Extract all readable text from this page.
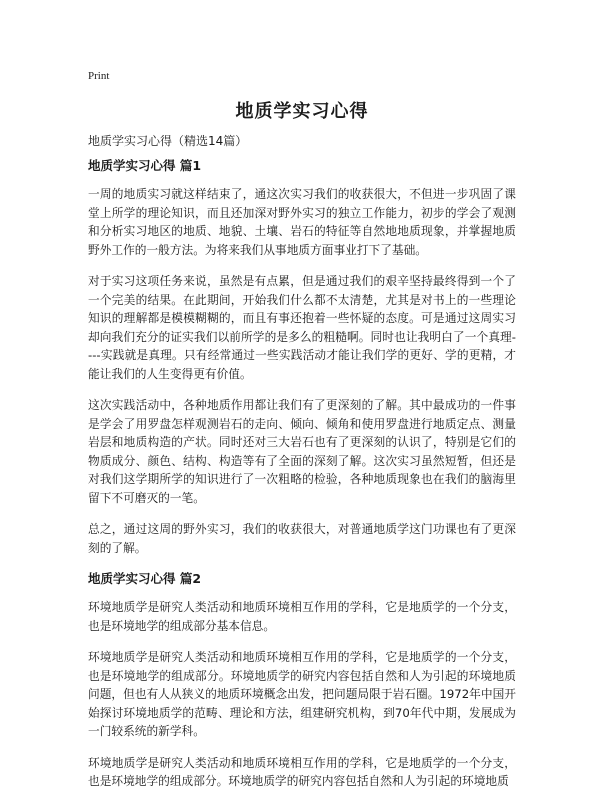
Print
地质学实习心得
地质学实习心得（精选14篇）
地质学实习心得 篇1

一周的地质实习就这样结束了，通这次实习我们的收获很大，不但进一步巩固了课堂上所学的理论知识，而且还加深对野外实习的独立工作能力，初步的学会了观测和分析实习地区的地质、地貌、土壤、岩石的特征等自然地地质现象，并掌握地质野外工作的一般方法。为将来我们从事地质方面事业打下了基础。

对于实习这项任务来说，虽然是有点累，但是通过我们的艰辛坚持最终得到一个了一个完美的结果。在此期间，开始我们什么都不太清楚，尤其是对书上的一些理论知识的理解都是模模糊糊的，而且有事还抱着一些怀疑的态度。可是通过这周实习却向我们充分的证实我们以前所学的是多么的粗糙啊。同时也让我明白了一个真理----实践就是真理。只有经常通过一些实践活动才能让我们学的更好、学的更精，才能让我们的人生变得更有价值。

这次实践活动中，各种地质作用都让我们有了更深刻的了解。其中最成功的一件事是学会了用罗盘怎样观测岩石的走向、倾向、倾角和使用罗盘进行地质定点、测量岩层和地质构造的产状。同时还对三大岩石也有了更深刻的认识了，特别是它们的物质成分、颜色、结构、构造等有了全面的深刻了解。这次实习虽然短暂，但还是对我们这学期所学的知识进行了一次粗略的检验，各种地质现象也在我们的脑海里留下不可磨灭的一笔。

总之，通过这周的野外实习，我们的收获很大，对普通地质学这门功课也有了更深刻的了解。

地质学实习心得 篇2

环境地质学是研究人类活动和地质环境相互作用的学科，它是地质学的一个分支，也是环境地学的组成部分基本信息。

环境地质学是研究人类活动和地质环境相互作用的学科，它是地质学的一个分支，也是环境地学的组成部分。环境地质学的研究内容包括自然和人为引起的环境地质问题，但也有人从狭义的地质环境概念出发，把问题局限于岩石圈。1972年中国开始探讨环境地质学的范畴、理论和方法，组建研究机构，到70年代中期，发展成为一门较系统的新学科。

环境地质学是研究人类活动和地质环境相互作用的学科，它是地质学的一个分支，也是环境地学的组成部分。环境地质学的研究内容包括自然和人为引起的环境地质
